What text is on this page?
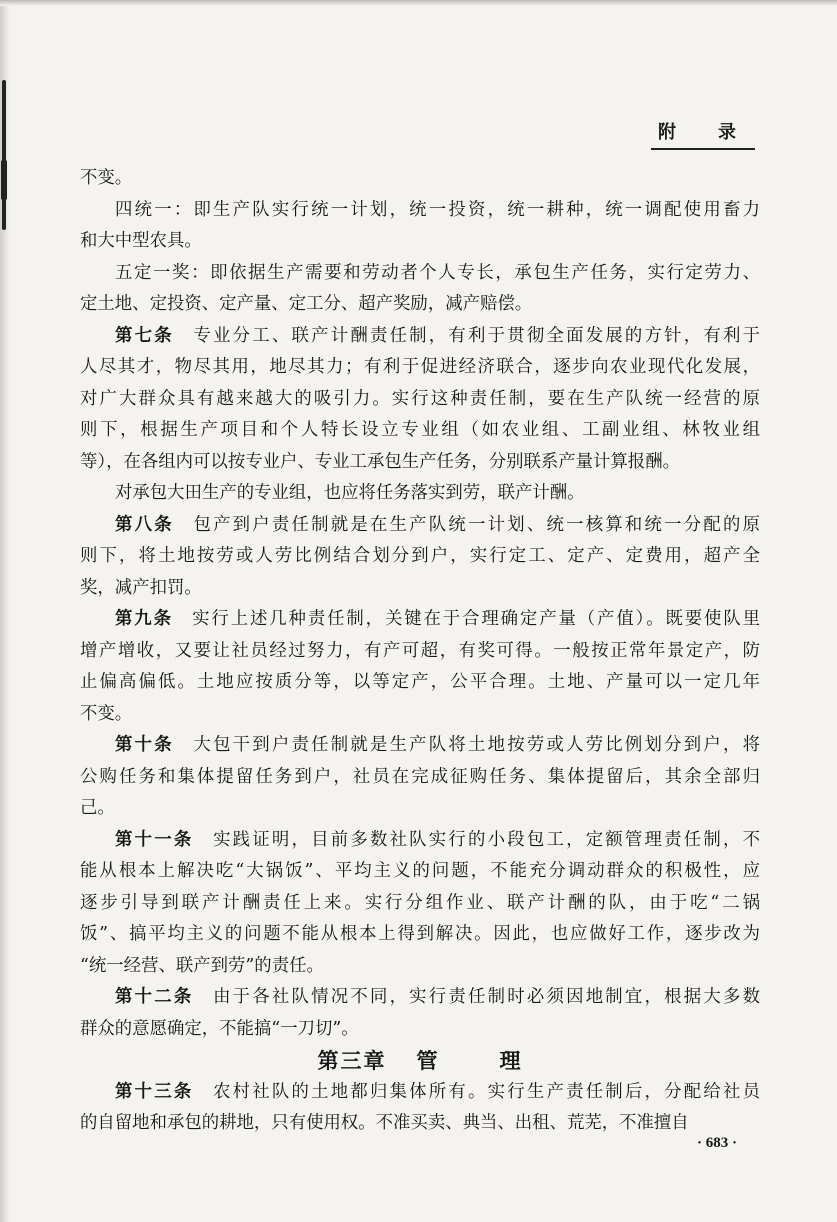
附　录
不变。
四统一：即生产队实行统一计划，统一投资，统一耕种，统一调配使用畜力
和大中型农具。
五定一奖：即依据生产需要和劳动者个人专长，承包生产任务，实行定劳力、
定土地、定投资、定产量、定工分、超产奖励，减产赔偿。
第七条　专业分工、联产计酬责任制，有利于贯彻全面发展的方针，有利于
人尽其才，物尽其用，地尽其力；有利于促进经济联合，逐步向农业现代化发展，
对广大群众具有越来越大的吸引力。实行这种责任制，要在生产队统一经营的原
则下，根据生产项目和个人特长设立专业组（如农业组、工副业组、林牧业组
等），在各组内可以按专业户、专业工承包生产任务，分别联系产量计算报酬。
对承包大田生产的专业组，也应将任务落实到劳，联产计酬。
第八条　包产到户责任制就是在生产队统一计划、统一核算和统一分配的原
则下，将土地按劳或人劳比例结合划分到户，实行定工、定产、定费用，超产全
奖，减产扣罚。
第九条　实行上述几种责任制，关键在于合理确定产量（产值）。既要使队里
增产增收，又要让社员经过努力，有产可超，有奖可得。一般按正常年景定产，防
止偏高偏低。土地应按质分等，以等定产，公平合理。土地、产量可以一定几年
不变。
第十条　大包干到户责任制就是生产队将土地按劳或人劳比例划分到户，将
公购任务和集体提留任务到户，社员在完成征购任务、集体提留后，其余全部归
己。
第十一条　实践证明，目前多数社队实行的小段包工，定额管理责任制，不
能从根本上解决吃“大锅饭”、平均主义的问题，不能充分调动群众的积极性，应
逐步引导到联产计酬责任上来。实行分组作业、联产计酬的队，由于吃“二锅
饭”、搞平均主义的问题不能从根本上得到解决。因此，也应做好工作，逐步改为
“统一经营、联产到劳”的责任。
第十二条　由于各社队情况不同，实行责任制时必须因地制宜，根据大多数
群众的意愿确定，不能搞“一刀切”。
第三章 管	理
第十三条　农村社队的土地都归集体所有。实行生产责任制后，分配给社员
的自留地和承包的耕地，只有使用权。不准买卖、典当、出租、荒芜，不准擅自
· 683 ·
